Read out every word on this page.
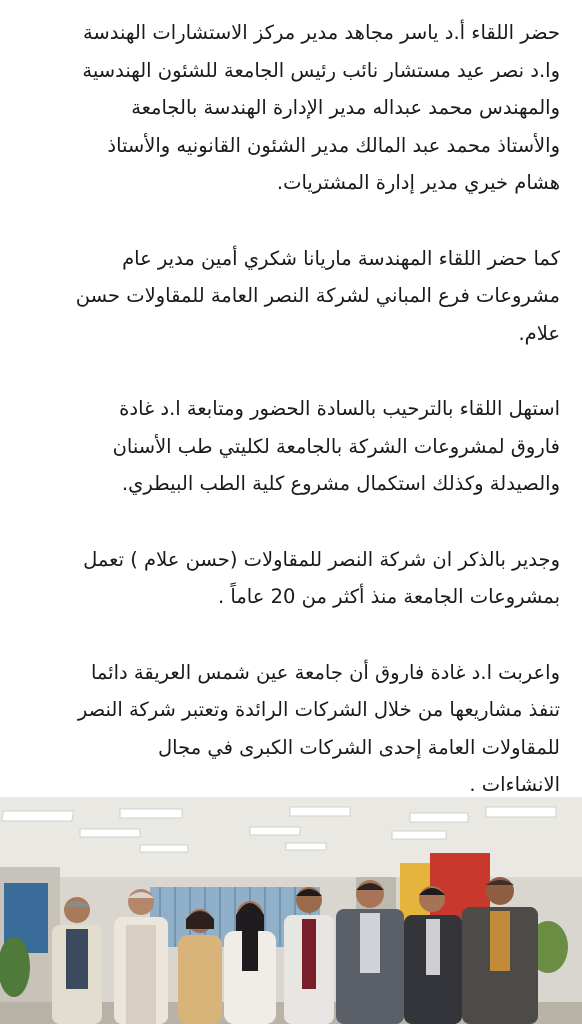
حضر اللقاء أ.د ياسر مجاهد مدير مركز الاستشارات الهندسة
وا.د نصر عيد مستشار نائب رئيس الجامعة للشئون الهندسية
والمهندس محمد عبداله مدير الإدارة الهندسة بالجامعة
والأستاذ محمد عبد المالك مدير الشئون القانونيه والأستاذ
هشام خيري مدير إدارة المشتريات.

كما حضر اللقاء المهندسة ماريانا شكري أمين مدير عام
مشروعات فرع المباني لشركة النصر العامة للمقاولات حسن
علام.

استهل اللقاء بالترحيب بالسادة الحضور ومتابعة ا.د غادة
فاروق لمشروعات الشركة بالجامعة لكليتي طب الأسنان
والصيدلة وكذلك استكمال مشروع كلية الطب البيطري.

وجدير بالذكر ان شركة النصر للمقاولات (حسن علام ) تعمل
بمشروعات الجامعة منذ أكثر من 20 عاماً .

واعربت ا.د غادة فاروق أن جامعة عين شمس العريقة دائما
تنفذ مشاريعها من خلال الشركات الرائدة وتعتبر شركة النصر
للمقاولات العامة إحدى الشركات الكبرى في مجال
الانشاءات .
